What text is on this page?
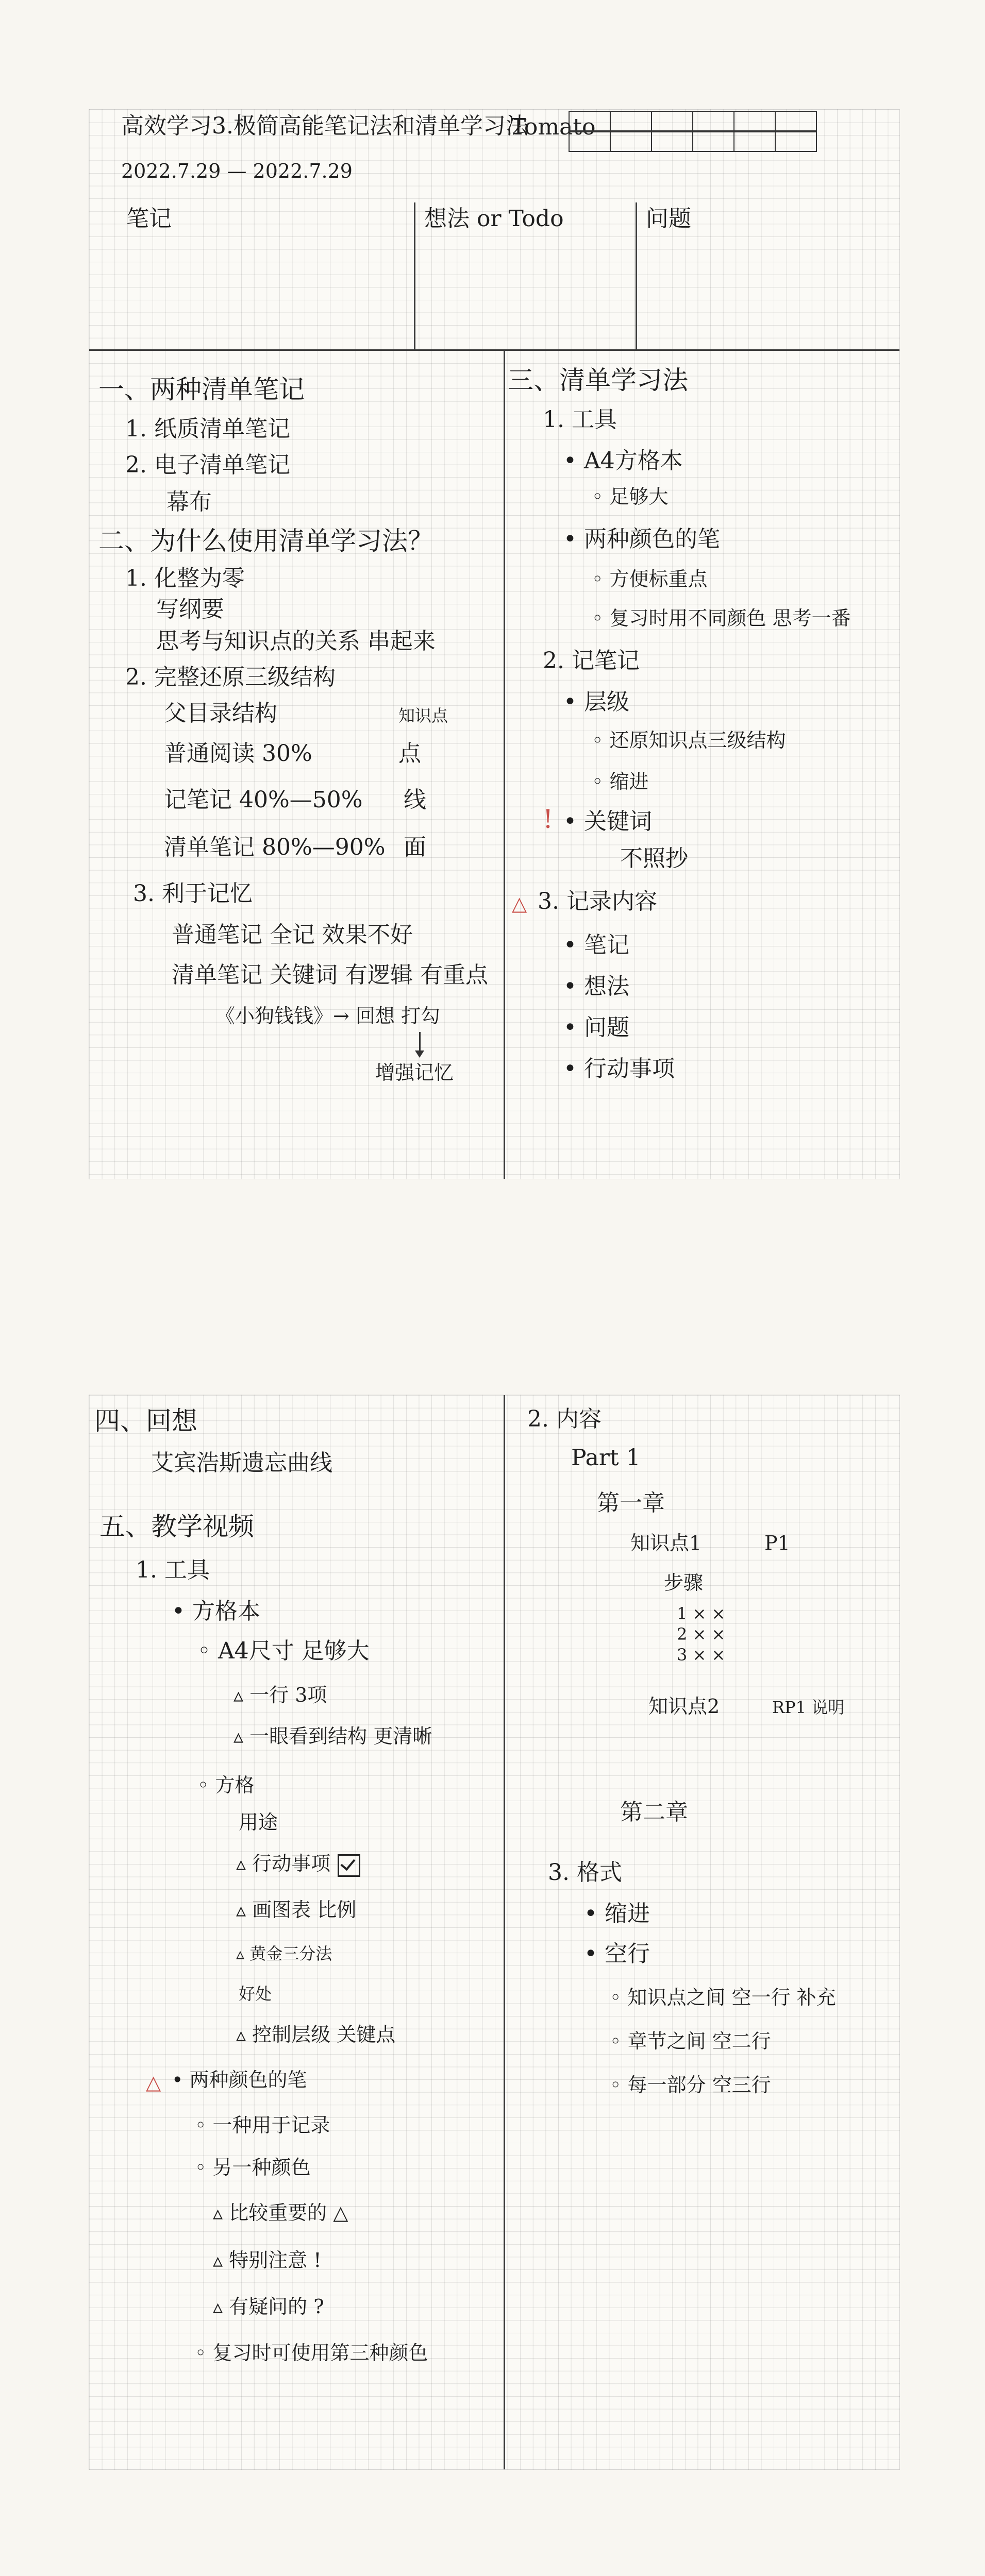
高效学习3.极简高能笔记法和清单学习法
Tomato
2022.7.29 — 2022.7.29
笔记	想法 or Todo	问题
一、两种清单笔记
1. 纸质清单笔记
2. 电子清单笔记
幕布
二、为什么使用清单学习法？
1. 化整为零
写纲要
思考与知识点的关系 串起来
2. 完整还原三级结构
父目录结构	知识点
普通阅读 30%	点
记笔记 40%—50% 线
清单笔记 80%—90% 面
3. 利于记忆
普通笔记 全记 效果不好
清单笔记 关键词 有逻辑 有重点
《小狗钱钱》→ 回想 打勾
增强记忆
三、清单学习法
1. 工具
• A4方格本
◦ 足够大
• 两种颜色的笔
◦ 方便标重点
◦ 复习时用不同颜色 思考一番
2. 记笔记
• 层级
◦ 还原知识点三级结构
◦ 缩进
! • 关键词
不照抄
△ 3. 记录内容
• 笔记
• 想法
• 问题
• 行动事项
四、回想
艾宾浩斯遗忘曲线
五、教学视频
1. 工具
• 方格本
◦ A4尺寸 足够大
▵ 一行 3项
▵ 一眼看到结构 更清晰
◦ 方格
用途
▵ 行动事项
▵ 画图表 比例
▵ 黄金三分法
好处
▵ 控制层级 关键点
△ • 两种颜色的笔
◦ 一种用于记录
◦ 另一种颜色
▵ 比较重要的 △
▵ 特别注意 !
▵ 有疑问的 ?
◦ 复习时可使用第三种颜色
2. 内容
Part 1
第一章
知识点1	P1
步骤
1 × ×
2 × ×
3 × ×
知识点2	RP1 说明
第二章
3. 格式
• 缩进
• 空行
◦ 知识点之间 空一行 补充
◦ 章节之间 空二行
◦ 每一部分 空三行
